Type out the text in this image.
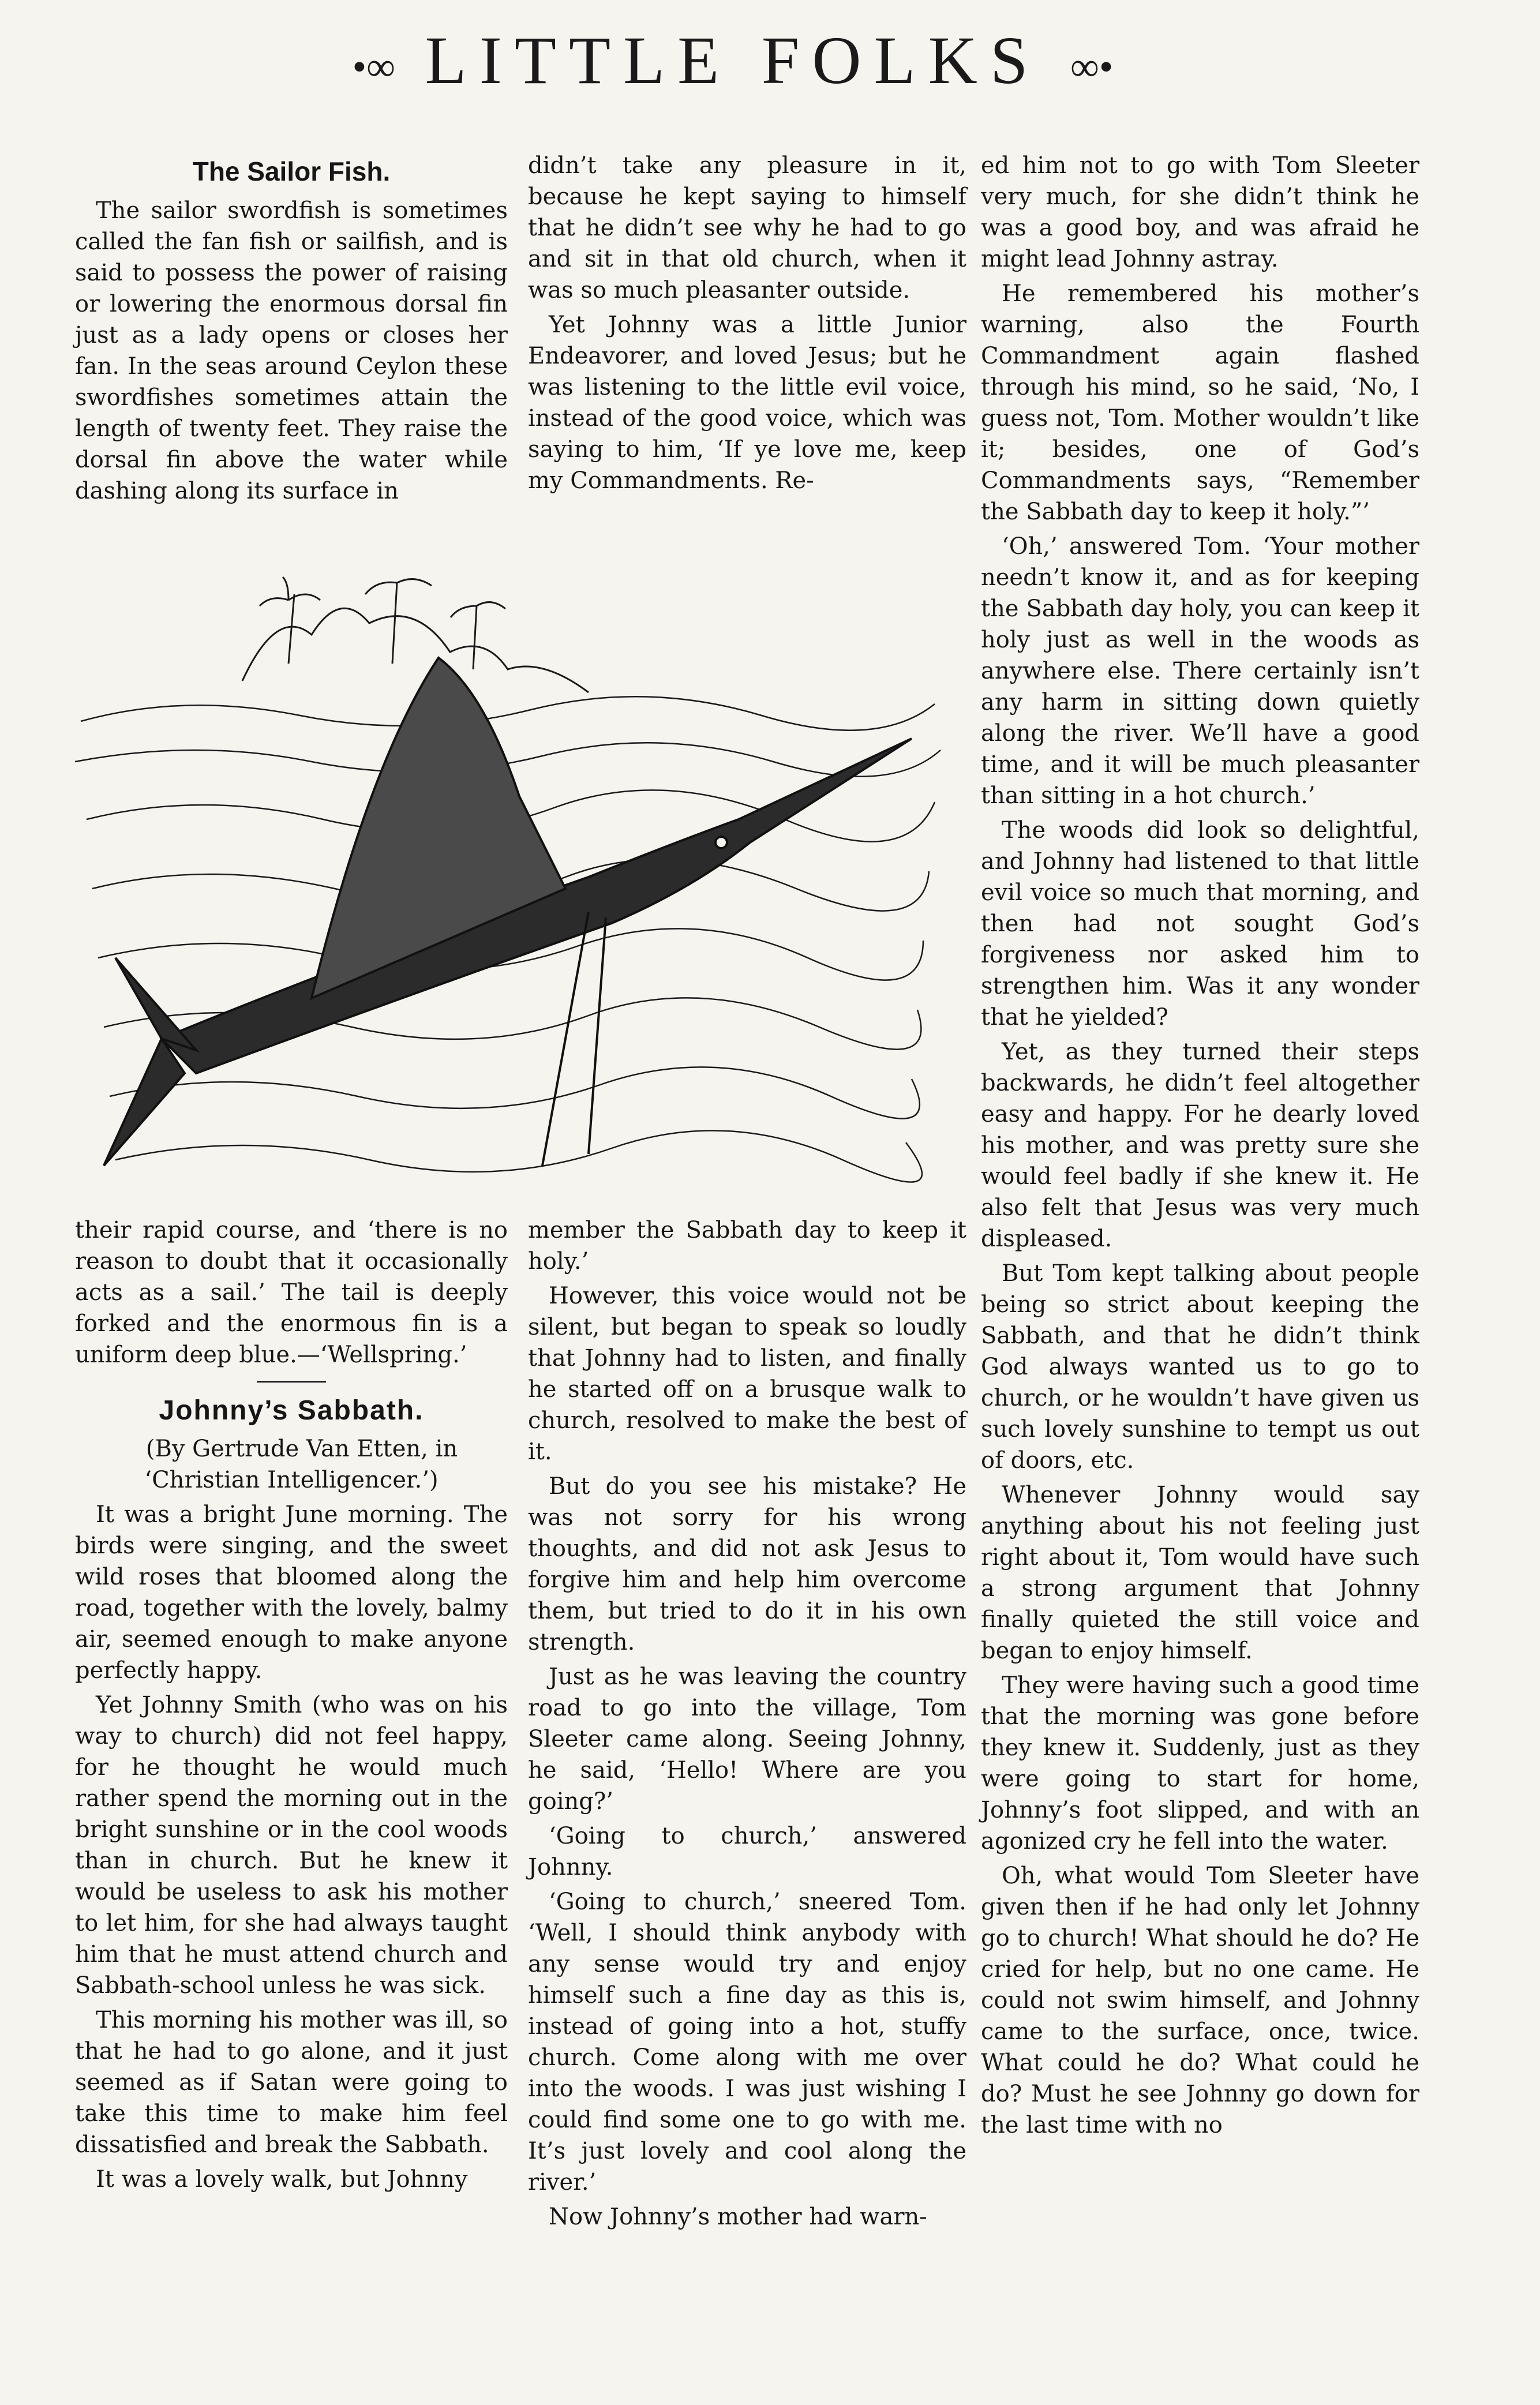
•∞ LITTLE FOLKS ∞•
The Sailor Fish.

The sailor swordfish is sometimes called the fan fish or sailfish, and is said to possess the power of raising or lowering the enormous dorsal fin just as a lady opens or closes her fan. In the seas around Ceylon these swordfishes sometimes attain the length of twenty feet. They raise the dorsal fin above the water while dashing along its surface in

didn’t take any pleasure in it, because he kept saying to himself that he didn’t see why he had to go and sit in that old church, when it was so much pleasanter outside.

Yet Johnny was a little Junior Endeavorer, and loved Jesus; but he was listening to the little evil voice, instead of the good voice, which was saying to him, ‘If ye love me, keep my Commandments. Re-

their rapid course, and ‘there is no reason to doubt that it occasionally acts as a sail.’ The tail is deeply forked and the enormous fin is a uniform deep blue.—‘Wellspring.’

Johnny’s Sabbath.

(By Gertrude Van Etten, in ‘Christian Intelligencer.’)

It was a bright June morning. The birds were singing, and the sweet wild roses that bloomed along the road, together with the lovely, balmy air, seemed enough to make anyone perfectly happy.

Yet Johnny Smith (who was on his way to church) did not feel happy, for he thought he would much rather spend the morning out in the bright sunshine or in the cool woods than in church. But he knew it would be useless to ask his mother to let him, for she had always taught him that he must attend church and Sabbath-school unless he was sick.

This morning his mother was ill, so that he had to go alone, and it just seemed as if Satan were going to take this time to make him feel dissatisfied and break the Sabbath.

It was a lovely walk, but Johnny

member the Sabbath day to keep it holy.’

However, this voice would not be silent, but began to speak so loudly that Johnny had to listen, and finally he started off on a brusque walk to church, resolved to make the best of it.

But do you see his mistake? He was not sorry for his wrong thoughts, and did not ask Jesus to forgive him and help him overcome them, but tried to do it in his own strength.

Just as he was leaving the country road to go into the village, Tom Sleeter came along. Seeing Johnny, he said, ‘Hello! Where are you going?’

‘Going to church,’ answered Johnny.

‘Going to church,’ sneered Tom. ‘Well, I should think anybody with any sense would try and enjoy himself such a fine day as this is, instead of going into a hot, stuffy church. Come along with me over into the woods. I was just wishing I could find some one to go with me. It’s just lovely and cool along the river.’

Now Johnny’s mother had warn-

ed him not to go with Tom Sleeter very much, for she didn’t think he was a good boy, and was afraid he might lead Johnny astray.

He remembered his mother’s warning, also the Fourth Commandment again flashed through his mind, so he said, ‘No, I guess not, Tom. Mother wouldn’t like it; besides, one of God’s Commandments says, “Remember the Sabbath day to keep it holy.”’

‘Oh,’ answered Tom. ‘Your mother needn’t know it, and as for keeping the Sabbath day holy, you can keep it holy just as well in the woods as anywhere else. There certainly isn’t any harm in sitting down quietly along the river. We’ll have a good time, and it will be much pleasanter than sitting in a hot church.’

The woods did look so delightful, and Johnny had listened to that little evil voice so much that morning, and then had not sought God’s forgiveness nor asked him to strengthen him. Was it any wonder that he yielded?

Yet, as they turned their steps backwards, he didn’t feel altogether easy and happy. For he dearly loved his mother, and was pretty sure she would feel badly if she knew it. He also felt that Jesus was very much displeased.

But Tom kept talking about people being so strict about keeping the Sabbath, and that he didn’t think God always wanted us to go to church, or he wouldn’t have given us such lovely sunshine to tempt us out of doors, etc.

Whenever Johnny would say anything about his not feeling just right about it, Tom would have such a strong argument that Johnny finally quieted the still voice and began to enjoy himself.

They were having such a good time that the morning was gone before they knew it. Suddenly, just as they were going to start for home, Johnny’s foot slipped, and with an agonized cry he fell into the water.

Oh, what would Tom Sleeter have given then if he had only let Johnny go to church! What should he do? He cried for help, but no one came. He could not swim himself, and Johnny came to the surface, once, twice. What could he do? What could he do? Must he see Johnny go down for the last time with no
